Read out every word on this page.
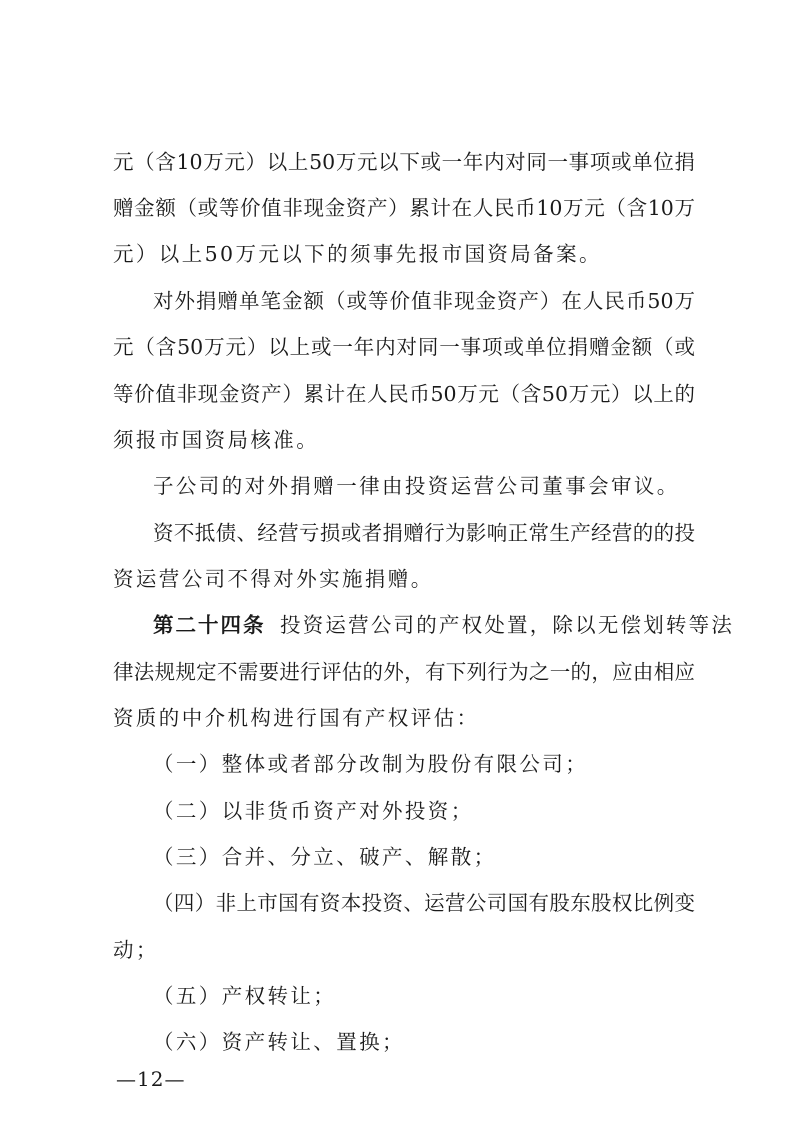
元（含10万元）以上50万元以下或一年内对同一事项或单位捐
赠金额（或等价值非现金资产）累计在人民币10万元（含10万
元）以上50万元以下的须事先报市国资局备案。
对外捐赠单笔金额（或等价值非现金资产）在人民币50万
元（含50万元）以上或一年内对同一事项或单位捐赠金额（或
等价值非现金资产）累计在人民币50万元（含50万元）以上的
须报市国资局核准。
子公司的对外捐赠一律由投资运营公司董事会审议。
资不抵债、经营亏损或者捐赠行为影响正常生产经营的的投
资运营公司不得对外实施捐赠。
第二十四条 投资运营公司的产权处置，除以无偿划转等法
律法规规定不需要进行评估的外，有下列行为之一的，应由相应
资质的中介机构进行国有产权评估：
（一）整体或者部分改制为股份有限公司；
（二）以非货币资产对外投资；
（三）合并、分立、破产、解散；
（四）非上市国有资本投资、运营公司国有股东股权比例变
动；
（五）产权转让；
（六）资产转让、置换；
—12—
